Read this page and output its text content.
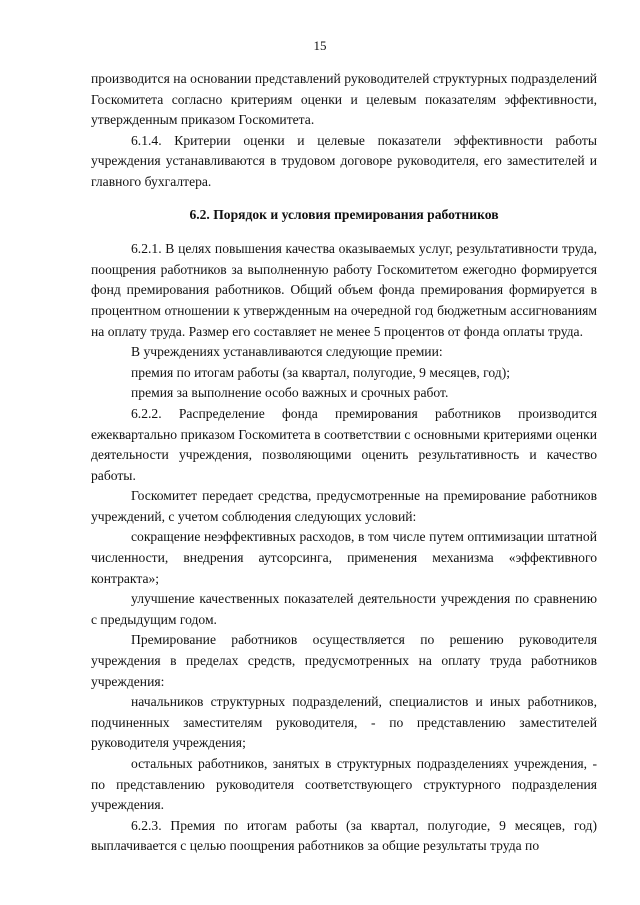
15

производится на основании представлений руководителей структурных подразделений Госкомитета согласно критериям оценки и целевым показателям эффективности, утвержденным приказом Госкомитета.

6.1.4. Критерии оценки и целевые показатели эффективности работы учреждения устанавливаются в трудовом договоре руководителя, его заместителей и главного бухгалтера.

6.2. Порядок и условия премирования работников

6.2.1. В целях повышения качества оказываемых услуг, результативности труда, поощрения работников за выполненную работу Госкомитетом ежегодно формируется фонд премирования работников. Общий объем фонда премирования формируется в процентном отношении к утвержденным на очередной год бюджетным ассигнованиям на оплату труда. Размер его составляет не менее 5 процентов от фонда оплаты труда.

В учреждениях устанавливаются следующие премии:

премия по итогам работы (за квартал, полугодие, 9 месяцев, год);

премия за выполнение особо важных и срочных работ.

6.2.2. Распределение фонда премирования работников производится ежеквартально приказом Госкомитета в соответствии с основными критериями оценки деятельности учреждения, позволяющими оценить результативность и качество работы.

Госкомитет передает средства, предусмотренные на премирование работников учреждений, с учетом соблюдения следующих условий:

сокращение неэффективных расходов, в том числе путем оптимизации штатной численности, внедрения аутсорсинга, применения механизма «эффективного контракта»;

улучшение качественных показателей деятельности учреждения по сравнению с предыдущим годом.

Премирование работников осуществляется по решению руководителя учреждения в пределах средств, предусмотренных на оплату труда работников учреждения:

начальников структурных подразделений, специалистов и иных работников, подчиненных заместителям руководителя, - по представлению заместителей руководителя учреждения;

остальных работников, занятых в структурных подразделениях учреждения, - по представлению руководителя соответствующего структурного подразделения учреждения.

6.2.3. Премия по итогам работы (за квартал, полугодие, 9 месяцев, год) выплачивается с целью поощрения работников за общие результаты труда по
